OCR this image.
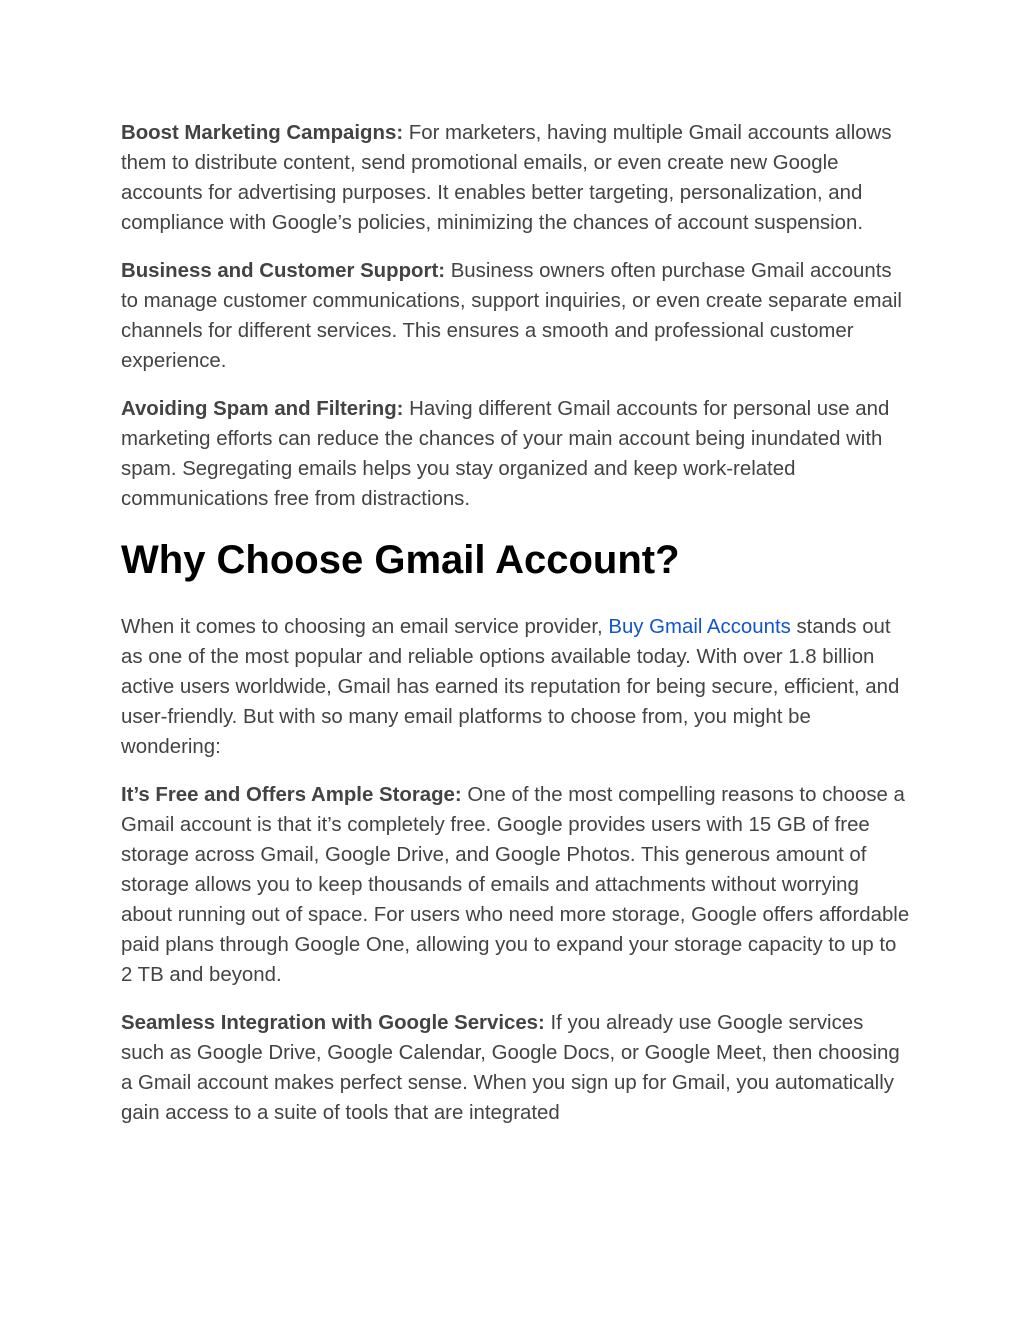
Boost Marketing Campaigns: For marketers, having multiple Gmail accounts allows them to distribute content, send promotional emails, or even create new Google accounts for advertising purposes. It enables better targeting, personalization, and compliance with Google’s policies, minimizing the chances of account suspension.

Business and Customer Support: Business owners often purchase Gmail accounts to manage customer communications, support inquiries, or even create separate email channels for different services. This ensures a smooth and professional customer experience.

Avoiding Spam and Filtering: Having different Gmail accounts for personal use and marketing efforts can reduce the chances of your main account being inundated with spam. Segregating emails helps you stay organized and keep work-related communications free from distractions.

Why Choose Gmail Account?

When it comes to choosing an email service provider, Buy Gmail Accounts stands out as one of the most popular and reliable options available today. With over 1.8 billion active users worldwide, Gmail has earned its reputation for being secure, efficient, and user-friendly. But with so many email platforms to choose from, you might be wondering:

It’s Free and Offers Ample Storage: One of the most compelling reasons to choose a Gmail account is that it’s completely free. Google provides users with 15 GB of free storage across Gmail, Google Drive, and Google Photos. This generous amount of storage allows you to keep thousands of emails and attachments without worrying about running out of space. For users who need more storage, Google offers affordable paid plans through Google One, allowing you to expand your storage capacity to up to 2 TB and beyond.

Seamless Integration with Google Services: If you already use Google services such as Google Drive, Google Calendar, Google Docs, or Google Meet, then choosing a Gmail account makes perfect sense. When you sign up for Gmail, you automatically gain access to a suite of tools that are integrated
